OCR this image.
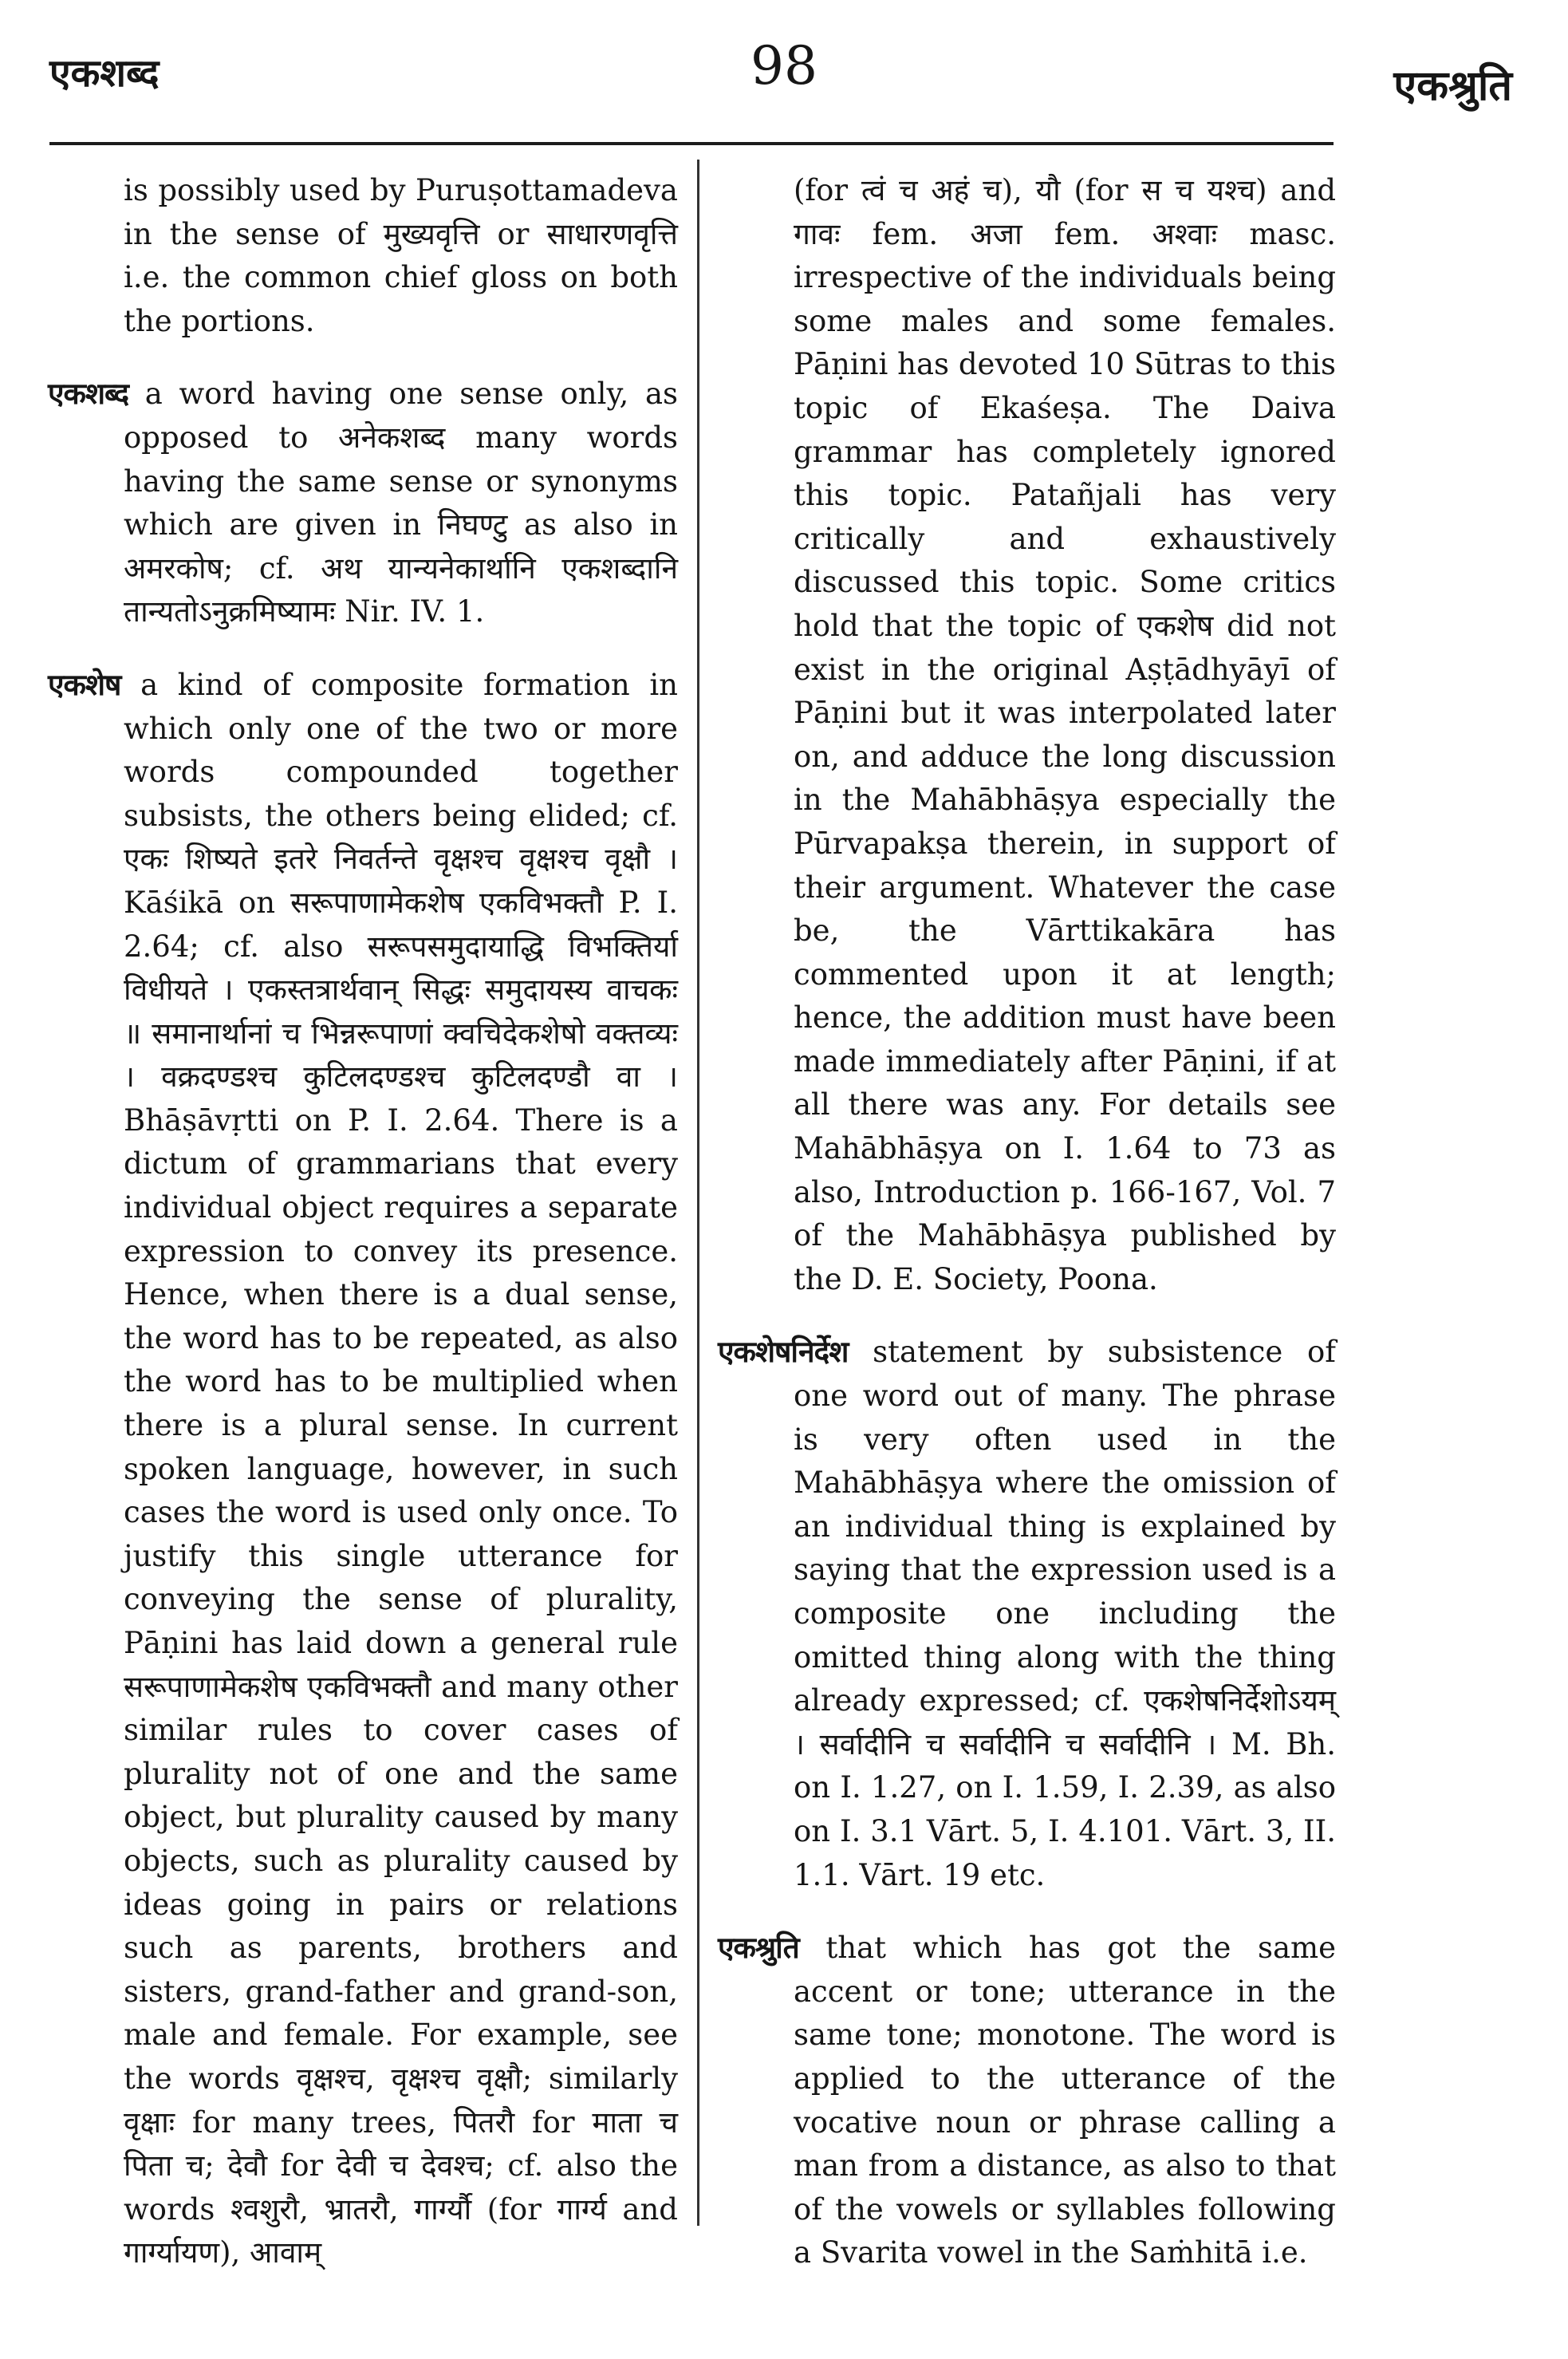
एकशब्द	98	एकश्रुति

is possibly used by Puruṣottamadeva in the sense of मुख्यवृत्ति or साधारणवृत्ति i.e. the common chief gloss on both the portions.

एकशब्द a word having one sense only, as opposed to अनेकशब्द many words having the same sense or synonyms which are given in निघण्टु as also in अमरकोष; cf. अथ यान्यनेकार्थानि एकशब्दानि तान्यतोऽनुक्रमिष्यामः Nir. IV. 1.

एकशेष a kind of composite formation in which only one of the two or more words compounded together subsists, the others being elided; cf. एकः शिष्यते इतरे निवर्तन्ते वृक्षश्च वृक्षश्च वृक्षौ । Kāśikā on सरूपाणामेकशेष एकविभक्तौ P. I. 2.64; cf. also सरूपसमुदायाद्धि विभक्तिर्या विधीयते । एकस्तत्रार्थवान् सिद्धः समुदायस्य वाचकः ॥ समानार्थानां च भिन्नरूपाणां क्वचिदेकशेषो वक्तव्यः । वक्रदण्डश्च कुटिलदण्डश्च कुटिलदण्डौ वा । Bhāṣāvṛtti on P. I. 2.64. There is a dictum of grammarians that every individual object requires a separate expression to convey its presence. Hence, when there is a dual sense, the word has to be repeated, as also the word has to be multiplied when there is a plural sense. In current spoken language, however, in such cases the word is used only once. To justify this single utterance for conveying the sense of plurality, Pāṇini has laid down a general rule सरूपाणामेकशेष एकविभक्तौ and many other similar rules to cover cases of plurality not of one and the same object, but plurality caused by many objects, such as plurality caused by ideas going in pairs or relations such as parents, brothers and sisters, grand-father and grand-son, male and female. For example, see the words वृक्षश्च, वृक्षश्च वृक्षौ; similarly वृक्षाः for many trees, पितरौ for माता च पिता च; देवौ for देवी च देवश्च; cf. also the words श्वशुरौ, भ्रातरौ, गार्ग्यौ (for गार्ग्य and गार्ग्यायण), आवाम्

(for त्वं च अहं च), यौ (for स च यश्च) and गावः fem. अजा fem. अश्वाः masc. irrespective of the individuals being some males and some females. Pāṇini has devoted 10 Sūtras to this topic of Ekaśeṣa. The Daiva grammar has completely ignored this topic. Patañjali has very critically and exhaustively discussed this topic. Some critics hold that the topic of एकशेष did not exist in the original Aṣṭādhyāyī of Pāṇini but it was interpolated later on, and adduce the long discussion in the Mahābhāṣya especially the Pūrvapakṣa therein, in support of their argument. Whatever the case be, the Vārttikakāra has commented upon it at length; hence, the addition must have been made immediately after Pāṇini, if at all there was any. For details see Mahābhāṣya on I. 1.64 to 73 as also, Introduction p. 166-167, Vol. 7 of the Mahābhāṣya published by the D. E. Society, Poona.

एकशेषनिर्देश statement by subsistence of one word out of many. The phrase is very often used in the Mahābhāṣya where the omission of an individual thing is explained by saying that the expression used is a composite one including the omitted thing along with the thing already expressed; cf. एकशेषनिर्देशोऽयम् । सर्वादीनि च सर्वादीनि च सर्वादीनि । M. Bh. on I. 1.27, on I. 1.59, I. 2.39, as also on I. 3.1 Vārt. 5, I. 4.101. Vārt. 3, II. 1.1. Vārt. 19 etc.

एकश्रुति that which has got the same accent or tone; utterance in the same tone; monotone. The word is applied to the utterance of the vocative noun or phrase calling a man from a distance, as also to that of the vowels or syllables following a Svarita vowel in the Saṁhitā i.e.
